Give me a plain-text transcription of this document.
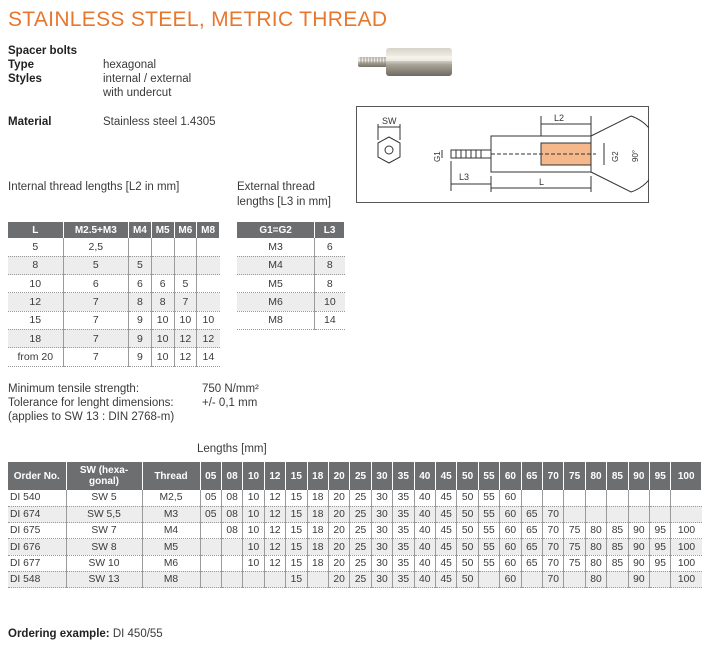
STAINLESS STEEL, METRIC THREAD
Spacer bolts
Type	hexagonal
Styles	internal / external
with undercut
Material	Stainless steel 1.4305	SW	L2
L3	L
G1	G2 90°
Internal thread lengths [L2 in mm]
L	M2.5+M3	M4	M5	M6	M8
5	2,5				
8	5	5			
10	6	6	6	5	
12	7	8	8	7	
15	7	9	10	10	10
18	7	9	10	12	12
from 20	7	9	10	12	14
External thread
lengths [L3 in mm]
G1=G2	L3
M3	6
M4	8
M5	8
M6	10
M8	14
Minimum tensile strength:	750 N/mm²
Tolerance for lenght dimensions: +/- 0,1 mm
(applies to SW 13 : DIN 2768-m)
Lengths [mm]
Order No.	SW (hexa-
gonal)	Thread	05	08	10	12	15	18	20	25	30	35	40	45	50	55	60	65	70	75	80	85	90	95	100
DI 540	SW 5	M2,5	05	08	10	12	15	18	20	25	30	35	40	45	50	55	60								
DI 674	SW 5,5	M3	05	08	10	12	15	18	20	25	30	35	40	45	50	55	60	65	70						
DI 675	SW 7	M4		08	10	12	15	18	20	25	30	35	40	45	50	55	60	65	70	75	80	85	90	95	100
DI 676	SW 8	M5			10	12	15	18	20	25	30	35	40	45	50	55	60	65	70	75	80	85	90	95	100
DI 677	SW 10	M6			10	12	15	18	20	25	30	35	40	45	50	55	60	65	70	75	80	85	90	95	100
DI 548	SW 13	M8					15		20	25	30	35	40	45	50		60		70		80		90		100
Ordering example: DI 450/55
